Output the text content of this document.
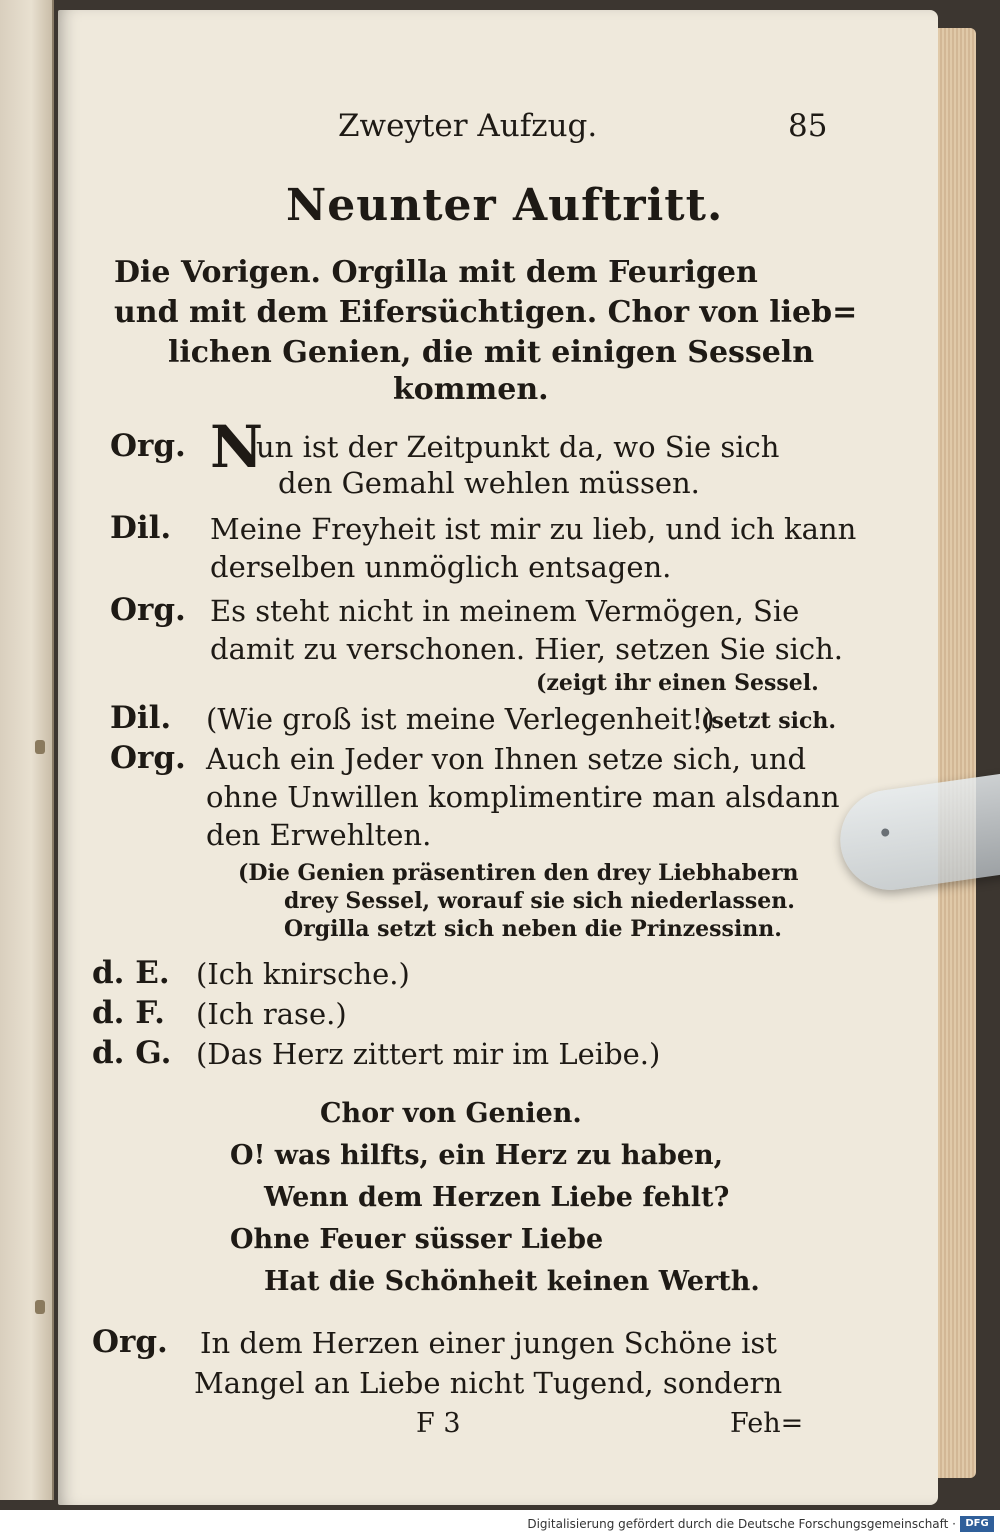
Zweyter Aufzug.	85
Neunter Auftritt.
Die Vorigen. Orgilla mit dem Feurigen
und mit dem Eifersüchtigen. Chor von lieb=
lichen Genien, die mit einigen Sesseln
kommen.
Org. N
un ist der Zeitpunkt da, wo Sie sich
den Gemahl wehlen müssen.
Dil. Meine Freyheit ist mir zu lieb, und ich kann
derselben unmöglich entsagen.
Org. Es steht nicht in meinem Vermögen, Sie
damit zu verschonen. Hier, setzen Sie sich.
(zeigt ihr einen Sessel.
Dil. (Wie groß ist meine Verlegenheit!)
(setzt sich.
Org. Auch ein Jeder von Ihnen setze sich, und
ohne Unwillen komplimentire man alsdann
den Erwehlten.
(Die Genien präsentiren den drey Liebhabern
drey Sessel, worauf sie sich niederlassen.
Orgilla setzt sich neben die Prinzessinn.
d. E. (Ich knirsche.)
d. F. (Ich rase.)
d. G. (Das Herz zittert mir im Leibe.)
Chor von Genien.
O! was hilfts, ein Herz zu haben,
Wenn dem Herzen Liebe fehlt?
Ohne Feuer süsser Liebe
Hat die Schönheit keinen Werth.
Org. In dem Herzen einer jungen Schöne ist
Mangel an Liebe nicht Tugend, sondern
F 3	Feh=
Digitalisierung gefördert durch die Deutsche Forschungsgemeinschaft · DFG
